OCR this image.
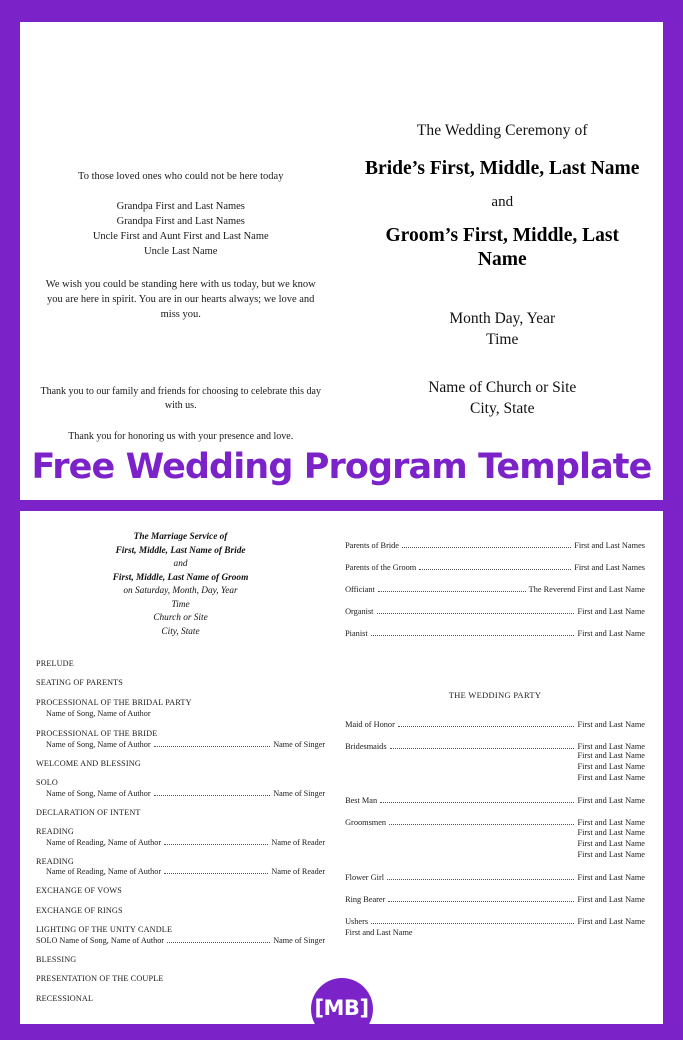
To those loved ones who could not be here today
Grandpa First and Last Names
Grandpa First and Last Names
Uncle First and Aunt First and Last Name
Uncle Last Name
We wish you could be standing here with us today, but we know you are here in spirit. You are in our hearts always; we love and miss you.
Thank you to our family and friends for choosing to celebrate this day with us.
Thank you for honoring us with your presence and love.
The Wedding Ceremony of
Bride’s First, Middle, Last Name
and
Groom’s First, Middle, Last Name
Month Day, Year
Time
Name of Church or Site
City, State
Free Wedding Program Template
The Marriage Service of
First, Middle, Last Name of Bride
and
First, Middle, Last Name of Groom
on Saturday, Month, Day, Year
Time
Church or Site
City, State
PRELUDE
SEATING OF PARENTS
PROCESSIONAL OF THE BRIDAL PARTY
Name of Song, Name of Author
PROCESSIONAL OF THE BRIDE
Name of Song, Name of Author	Name of Singer
WELCOME AND BLESSING
SOLO
Name of Song, Name of Author	Name of Singer
DECLARATION OF INTENT
READING
Name of Reading, Name of Author	Name of Reader
READING
Name of Reading, Name of Author	Name of Reader
EXCHANGE OF VOWS
EXCHANGE OF RINGS
LIGHTING OF THE UNITY CANDLE
SOLO Name of Song, Name of Author	Name of Singer
BLESSING
PRESENTATION OF THE COUPLE
RECESSIONAL
Parents of Bride	First and Last Names
Parents of the Groom	First and Last Names
Officiant	The Reverend First and Last Name
Organist	First and Last Name
Pianist	First and Last Name
THE WEDDING PARTY
Maid of Honor	First and Last Name
Bridesmaids	First and Last Name
First and Last Name
First and Last Name
First and Last Name
Best Man	First and Last Name
Groomsmen	First and Last Name
First and Last Name
First and Last Name
First and Last Name
Flower Girl	First and Last Name
Ring Bearer	First and Last Name
Ushers	First and Last Name
First and Last Name
[MB]
